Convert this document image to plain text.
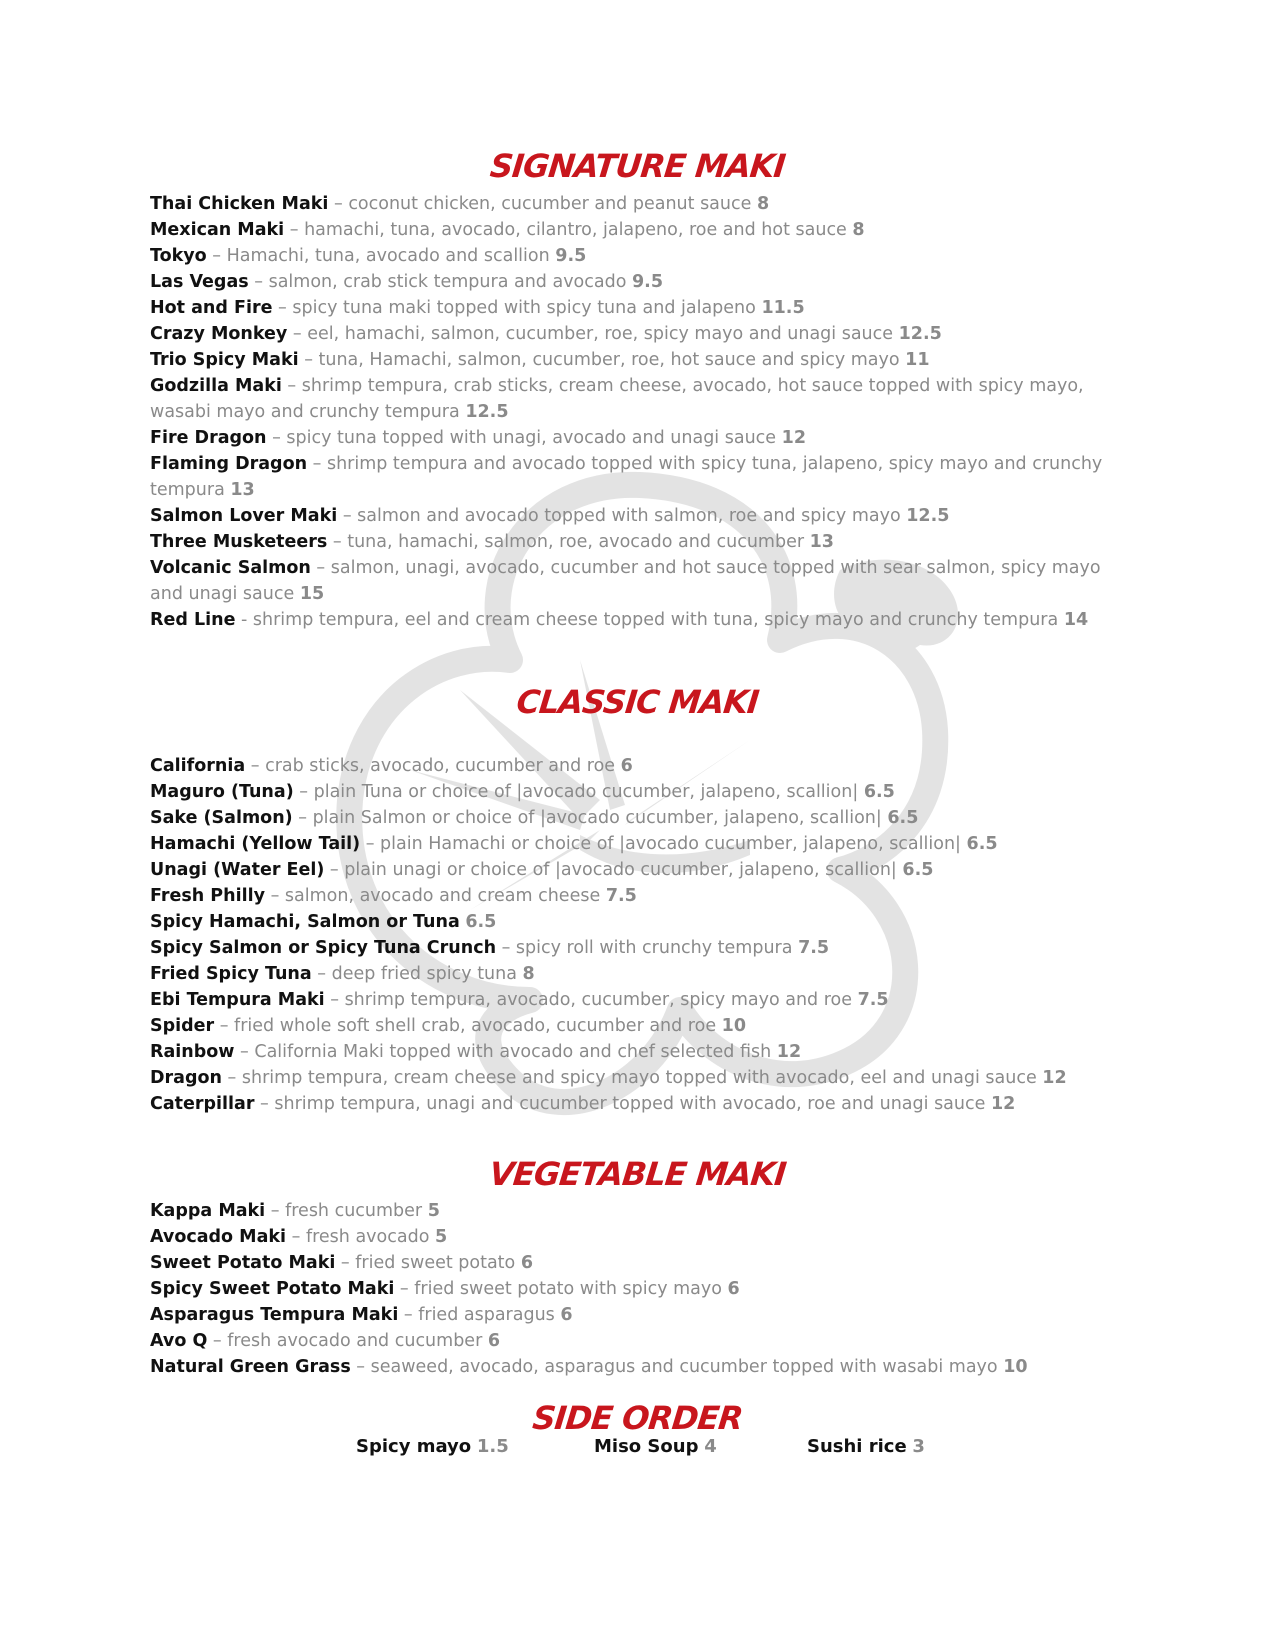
SIGNATURE MAKI
Thai Chicken Maki – coconut chicken, cucumber and peanut sauce 8
Mexican Maki – hamachi, tuna, avocado, cilantro, jalapeno, roe and hot sauce 8
Tokyo – Hamachi, tuna, avocado and scallion 9.5
Las Vegas – salmon, crab stick tempura and avocado 9.5
Hot and Fire – spicy tuna maki topped with spicy tuna and jalapeno 11.5
Crazy Monkey – eel, hamachi, salmon, cucumber, roe, spicy mayo and unagi sauce 12.5
Trio Spicy Maki – tuna, Hamachi, salmon, cucumber, roe, hot sauce and spicy mayo 11
Godzilla Maki – shrimp tempura, crab sticks, cream cheese, avocado, hot sauce topped with spicy mayo, wasabi mayo and crunchy tempura 12.5
Fire Dragon – spicy tuna topped with unagi, avocado and unagi sauce 12
Flaming Dragon – shrimp tempura and avocado topped with spicy tuna, jalapeno, spicy mayo and crunchy tempura 13
Salmon Lover Maki – salmon and avocado topped with salmon, roe and spicy mayo 12.5
Three Musketeers – tuna, hamachi, salmon, roe, avocado and cucumber 13
Volcanic Salmon – salmon, unagi, avocado, cucumber and hot sauce topped with sear salmon, spicy mayo and unagi sauce 15
Red Line - shrimp tempura, eel and cream cheese topped with tuna, spicy mayo and crunchy tempura 14
CLASSIC MAKI
California – crab sticks, avocado, cucumber and roe 6
Maguro (Tuna) – plain Tuna or choice of |avocado cucumber, jalapeno, scallion| 6.5
Sake (Salmon) – plain Salmon or choice of |avocado cucumber, jalapeno, scallion| 6.5
Hamachi (Yellow Tail) – plain Hamachi or choice of |avocado cucumber, jalapeno, scallion| 6.5
Unagi (Water Eel) – plain unagi or choice of |avocado cucumber, jalapeno, scallion| 6.5
Fresh Philly – salmon, avocado and cream cheese 7.5
Spicy Hamachi, Salmon or Tuna 6.5
Spicy Salmon or Spicy Tuna Crunch – spicy roll with crunchy tempura 7.5
Fried Spicy Tuna – deep fried spicy tuna 8
Ebi Tempura Maki – shrimp tempura, avocado, cucumber, spicy mayo and roe 7.5
Spider – fried whole soft shell crab, avocado, cucumber and roe 10
Rainbow – California Maki topped with avocado and chef selected fish 12
Dragon – shrimp tempura, cream cheese and spicy mayo topped with avocado, eel and unagi sauce 12
Caterpillar – shrimp tempura, unagi and cucumber topped with avocado, roe and unagi sauce 12
VEGETABLE MAKI
Kappa Maki – fresh cucumber 5
Avocado Maki – fresh avocado 5
Sweet Potato Maki – fried sweet potato 6
Spicy Sweet Potato Maki – fried sweet potato with spicy mayo 6
Asparagus Tempura Maki – fried asparagus 6
Avo Q – fresh avocado and cucumber 6
Natural Green Grass – seaweed, avocado, asparagus and cucumber topped with wasabi mayo 10
SIDE ORDER
Spicy mayo 1.5	Miso Soup 4	Sushi rice 3
